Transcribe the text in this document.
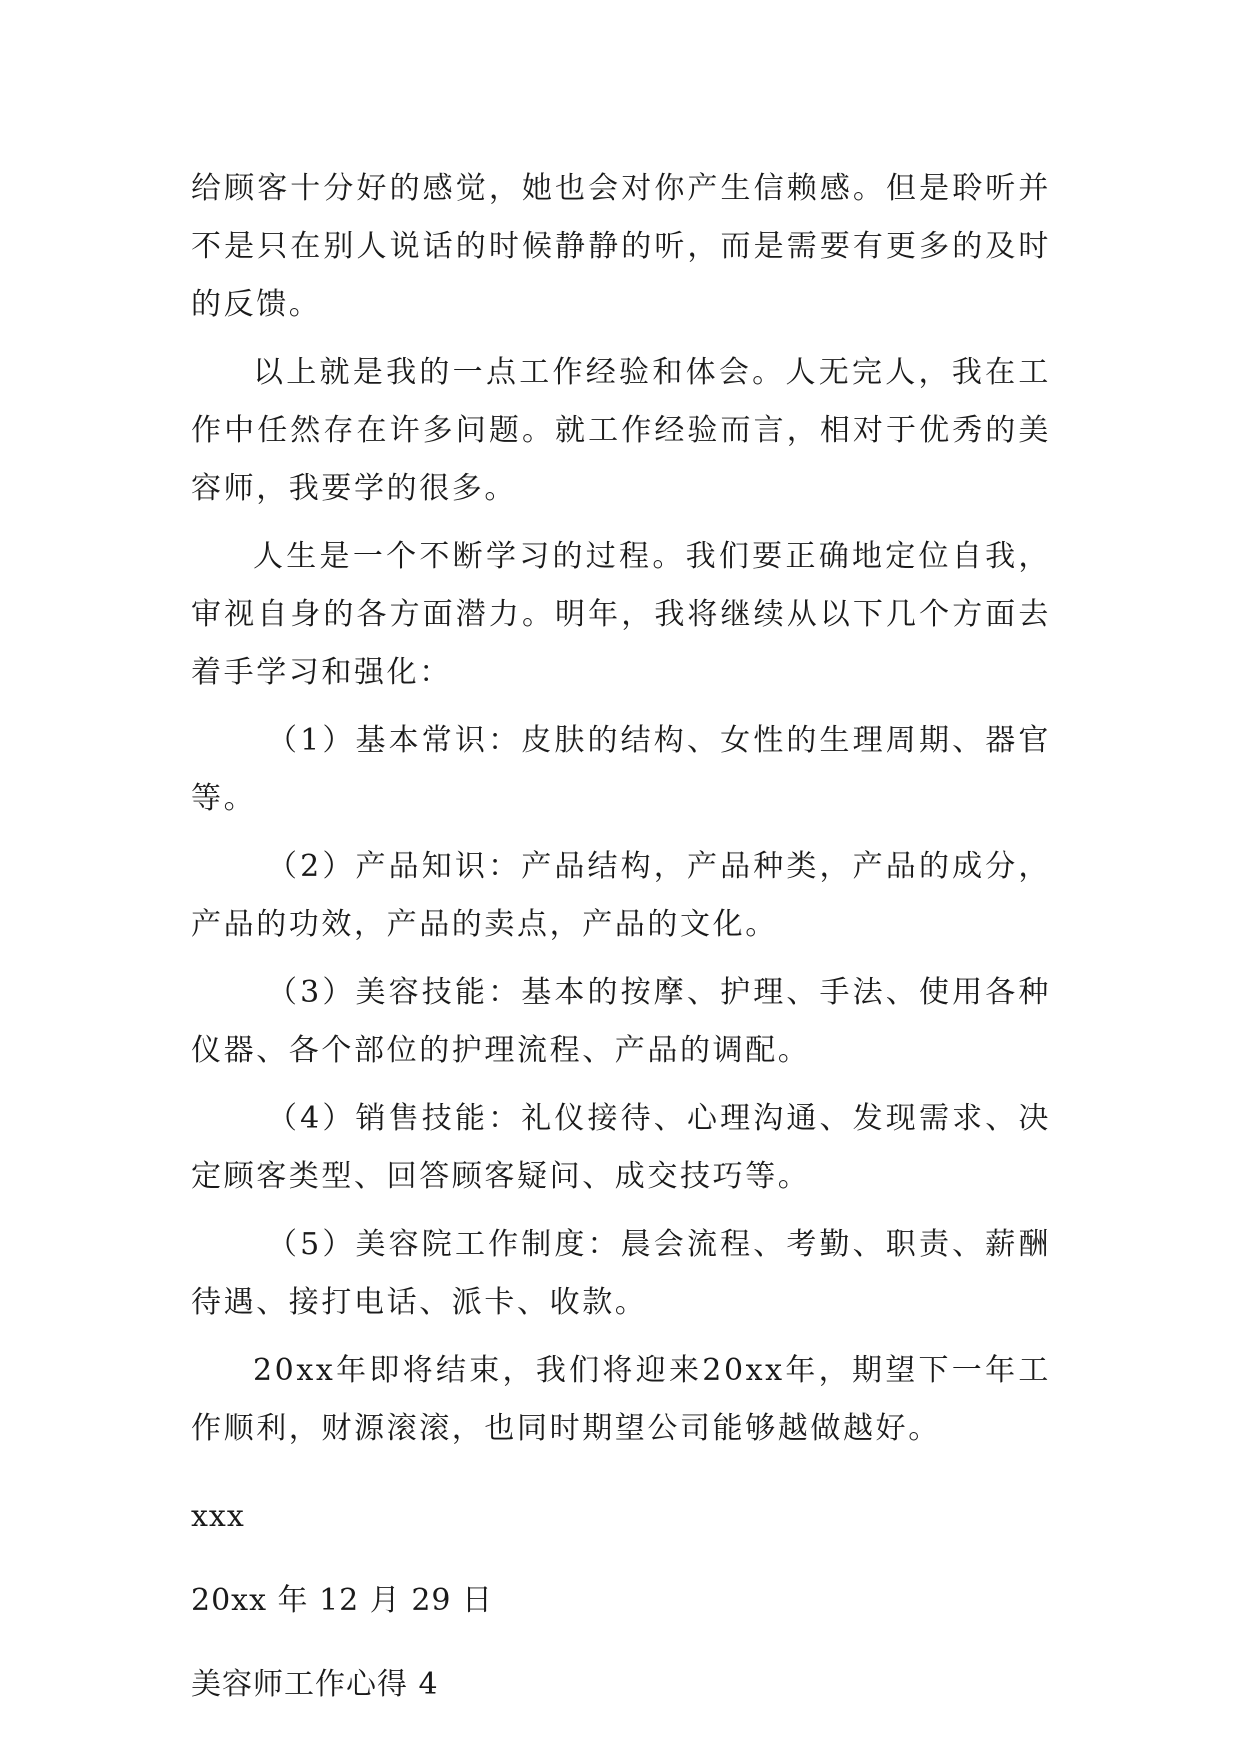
给顾客十分好的感觉，她也会对你产生信赖感。但是聆听并不是只在别人说话的时候静静的听，而是需要有更多的及时的反馈。

以上就是我的一点工作经验和体会。人无完人，我在工作中任然存在许多问题。就工作经验而言，相对于优秀的美容师，我要学的很多。

人生是一个不断学习的过程。我们要正确地定位自我，审视自身的各方面潜力。明年，我将继续从以下几个方面去着手学习和强化：

（1）基本常识：皮肤的结构、女性的生理周期、器官等。

（2）产品知识：产品结构，产品种类，产品的成分，产品的功效，产品的卖点，产品的文化。

（3）美容技能：基本的按摩、护理、手法、使用各种仪器、各个部位的护理流程、产品的调配。

（4）销售技能：礼仪接待、心理沟通、发现需求、决定顾客类型、回答顾客疑问、成交技巧等。

（5）美容院工作制度：晨会流程、考勤、职责、薪酬待遇、接打电话、派卡、收款。

20xx年即将结束，我们将迎来20xx年，期望下一年工作顺利，财源滚滚，也同时期望公司能够越做越好。

xxx

20xx 年 12 月 29 日

美容师工作心得 4
